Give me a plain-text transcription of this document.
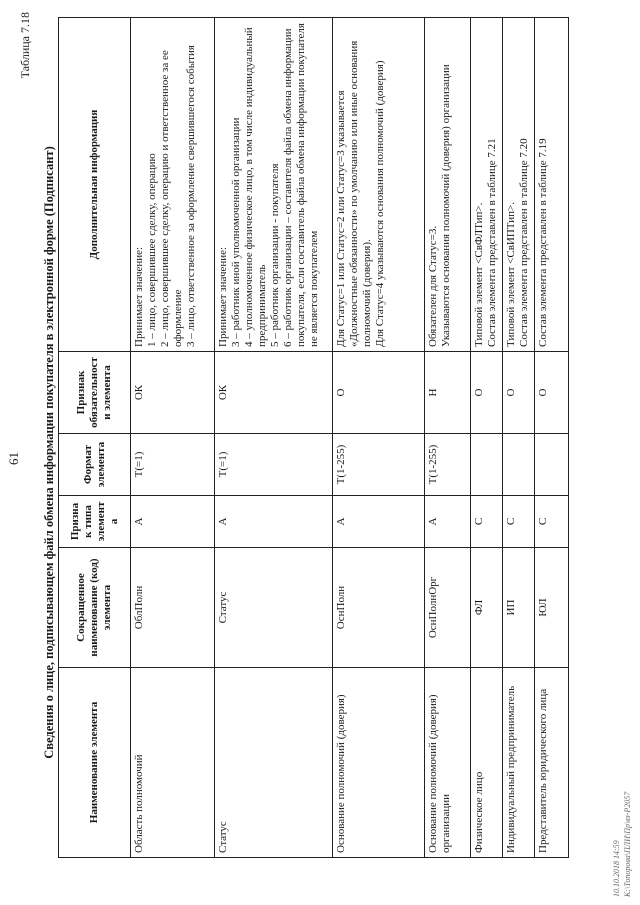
61
Таблица 7.18
Сведения о лице, подписывающем файл обмена информации покупателя в электронной форме (Подписант)
Наименование элемента	Сокращенное наименование (код) элемента	Признак типа элемента	Формат элемента	Признак обязательности элемента	Дополнительная информация
Область полномочий	ОблПолн	А	T(=1)	ОК	Принимает значение: 1 – лицо, совершившее сделку, операцию 2 – лицо, совершившее сделку, операцию и ответственное за ее оформление 3 – лицо, ответственное за оформление свершившегося события

Статус	Статус	А	T(=1)	ОК	Принимает значение: 3 – работник иной уполномоченной организации 4 – уполномоченное физическое лицо, в том числе индивидуальный предприниматель 5 – работник организации - покупателя 6 – работник организации – составителя файла обмена информации покупателя, если составитель файла обмена информации покупателя не является покупателем

Основание полномочий (доверия)	ОснПолн	А	T(1-255)	О	Для Статус=1 или Статус=2 или Статус=3 указывается «Должностные обязанности» по умолчанию или иные основания полномочий (доверия). Для Статус=4 указываются основания полномочий (доверия)

Основание полномочий (доверия) организации	ОснПолнОрг	А	T(1-255)	Н	Обязателен для Статус=3. Указываются основания полномочий (доверия) организации

Физическое лицо	ФЛ	С		О	Типовой элемент <СвФЛТип>. Состав элемента представлен в таблице 7.21

Индивидуальный предприниматель	ИП	С		О	Типовой элемент <СвИПТип>. Состав элемента представлен в таблице 7.20

Представитель юридического лица	ЮЛ	С		О	Состав элемента представлен в таблице 7.19
10.10.2018 14:59 К:\Топорова\ПЛИ\Пр\вз-Р2057
